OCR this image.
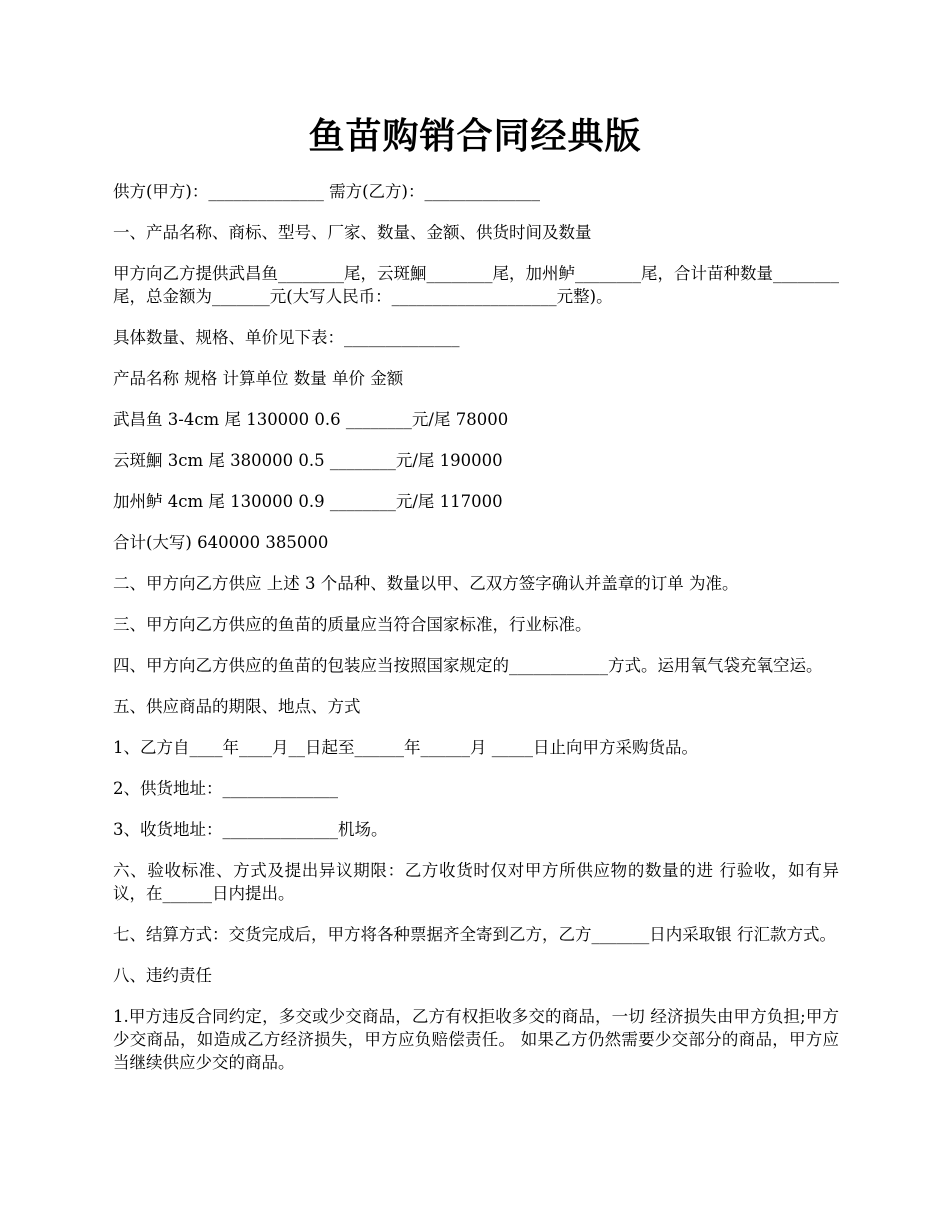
鱼苗购销合同经典版

供方(甲方)：______________ 需方(乙方)：______________

一、产品名称、商标、型号、厂家、数量、金额、供货时间及数量

甲方向乙方提供武昌鱼________尾，云斑鮰________尾，加州鲈________尾，合计苗种数量________尾，总金额为_______元(大写人民币：____________________元整)。

具体数量、规格、单价见下表：______________

产品名称 规格 计算单位 数量 单价 金额

武昌鱼 3-4cm 尾 130000 0.6 ________元/尾 78000

云斑鮰 3cm 尾 380000 0.5 ________元/尾 190000

加州鲈 4cm 尾 130000 0.9 ________元/尾 117000

合计(大写) 640000 385000

二、甲方向乙方供应 上述 3 个品种、数量以甲、乙双方签字确认并盖章的订单 为准。

三、甲方向乙方供应的鱼苗的质量应当符合国家标准，行业标准。

四、甲方向乙方供应的鱼苗的包装应当按照国家规定的____________方式。运用氧气袋充氧空运。

五、供应商品的期限、地点、方式

1、乙方自____年____月__日起至______年______月 _____日止向甲方采购货品。

2、供货地址：______________

3、收货地址：______________机场。

六、验收标准、方式及提出异议期限：乙方收货时仅对甲方所供应物的数量的进 行验收，如有异议，在______日内提出。

七、结算方式：交货完成后，甲方将各种票据齐全寄到乙方，乙方_______日内采取银 行汇款方式。

八、违约责任

1.甲方违反合同约定，多交或少交商品，乙方有权拒收多交的商品，一切 经济损失由甲方负担;甲方少交商品，如造成乙方经济损失，甲方应负赔偿责任。 如果乙方仍然需要少交部分的商品，甲方应当继续供应少交的商品。
